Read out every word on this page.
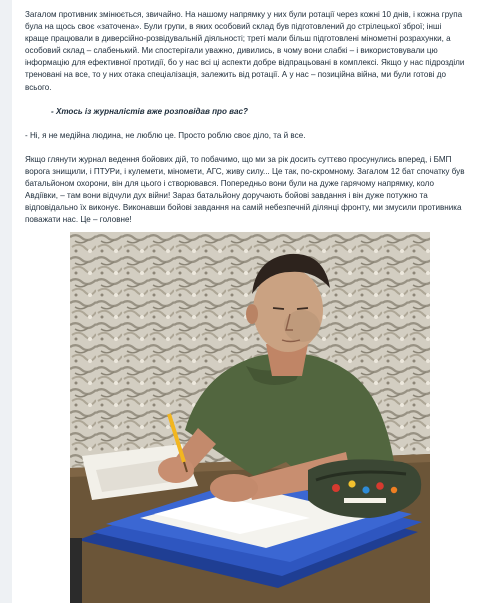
Загалом противник змінюється, звичайно. На нашому напрямку у них були ротації через кожні 10 днів, і кожна група була на щось своє «заточена». Були групи, в яких особовий склад був підготовлений до стрілецької зброї; інші краще працювали в диверсійно-розвідувальній діяльності; треті мали більш підготовлені мінометні розрахунки, а особовий склад – слабенький. Ми спостерігали уважно, дивились, в чому вони слабкі – і використовували цю інформацію для ефективної протидії, бо у нас всі ці аспекти добре відпрацьовані в комплексі. Якщо у нас підрозділи треновані на все, то у них отака спеціалізація, залежить від ротації. А у нас – позиційна війна, ми були готові до всього.

- Хтось із журналістів вже розповідав про вас?

- Ні, я не медійна людина, не люблю це. Просто роблю своє діло, та й все.

Якщо глянути журнал ведення бойових дій, то побачимо, що ми за рік досить суттєво просунулись вперед, і БМП ворога знищили, і ПТУРи, і кулемети, міномети, АГС, живу силу... Це так, по-скромному. Загалом 12 бат спочатку був батальйоном охорони, він для цього і створювався. Попередньо вони були на дуже гарячому напрямку, коло Авдіївки, – там вони відчули дух війни! Зараз батальйону доручають бойові завдання і він дуже потужно та відповідально їх виконує. Виконавши бойові завдання на самій небезпечній ділянці фронту, ми змусили противника поважати нас. Це – головне!
